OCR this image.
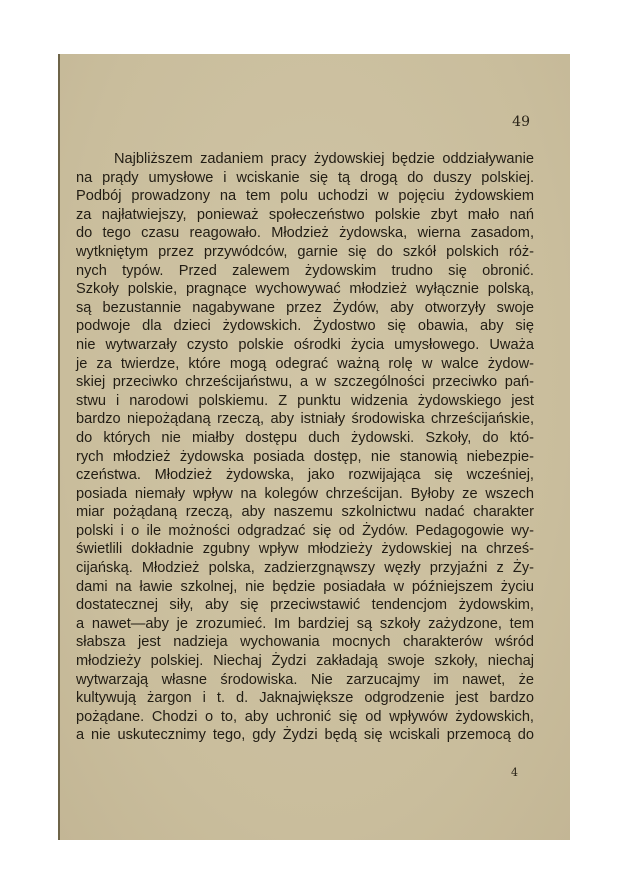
49
Najbliższem zadaniem pracy żydowskiej będzie oddziaływanie
na prądy umysłowe i wciskanie się tą drogą do duszy polskiej.
Podbój prowadzony na tem polu uchodzi w pojęciu żydowskiem
za najłatwiejszy, ponieważ społeczeństwo polskie zbyt mało nań
do tego czasu reagowało. Młodzież żydowska, wierna zasadom,
wytkniętym przez przywódców, garnie się do szkół polskich róż-
nych typów. Przed zalewem żydowskim trudno się obronić.
Szkoły polskie, pragnące wychowywać młodzież wyłącznie polską,
są bezustannie nagabywane przez Żydów, aby otworzyły swoje
podwoje dla dzieci żydowskich. Żydostwo się obawia, aby się
nie wytwarzały czysto polskie ośrodki życia umysłowego. Uważa
je za twierdze, które mogą odegrać ważną rolę w walce żydow-
skiej przeciwko chrześcijaństwu, a w szczególności przeciwko pań-
stwu i narodowi polskiemu. Z punktu widzenia żydowskiego jest
bardzo niepożądaną rzeczą, aby istniały środowiska chrześcijańskie,
do których nie miałby dostępu duch żydowski. Szkoły, do któ-
rych młodzież żydowska posiada dostęp, nie stanowią niebezpie-
czeństwa. Młodzież żydowska, jako rozwijająca się wcześniej,
posiada niemały wpływ na kolegów chrześcijan. Byłoby ze wszech
miar pożądaną rzeczą, aby naszemu szkolnictwu nadać charakter
polski i o ile możności odgradzać się od Żydów. Pedagogowie wy-
świetlili dokładnie zgubny wpływ młodzieży żydowskiej na chrześ-
cijańską. Młodzież polska, zadzierzgnąwszy węzły przyjaźni z Ży-
dami na ławie szkolnej, nie będzie posiadała w późniejszem życiu
dostatecznej siły, aby się przeciwstawić tendencjom żydowskim,
a nawet—aby je zrozumieć. Im bardziej są szkoły zażydzone, tem
słabsza jest nadzieja wychowania mocnych charakterów wśród
młodzieży polskiej. Niechaj Żydzi zakładają swoje szkoły, niechaj
wytwarzają własne środowiska. Nie zarzucajmy im nawet, że
kultywują żargon i t. d. Jaknajwiększe odgrodzenie jest bardzo
pożądane. Chodzi o to, aby uchronić się od wpływów żydowskich,
a nie uskutecznimy tego, gdy Żydzi będą się wciskali przemocą do
4
